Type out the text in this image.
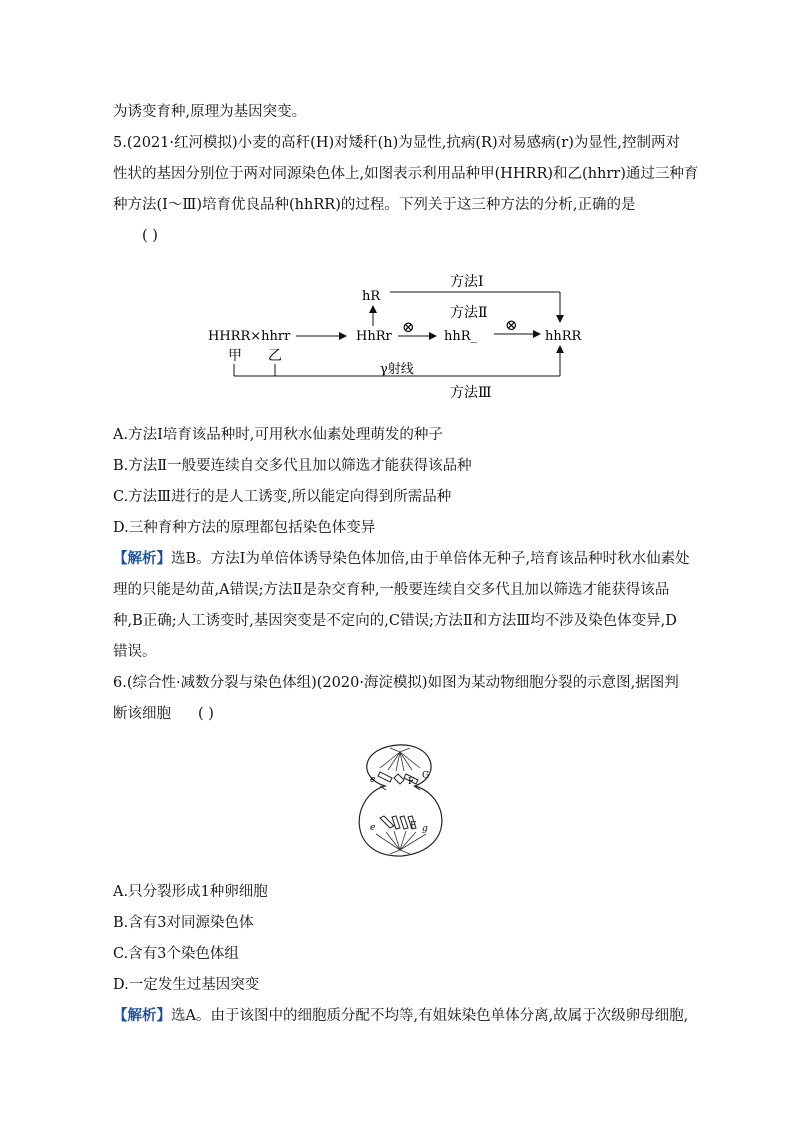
为诱变育种,原理为基因突变。
5.(2021·红河模拟)小麦的高秆(H)对矮秆(h)为显性,抗病(R)对易感病(r)为显性,控制两对
性状的基因分别位于两对同源染色体上,如图表示利用品种甲(HHRR)和乙(hhrr)通过三种育
种方法(Ⅰ～Ⅲ)培育优良品种(hhRR)的过程。下列关于这三种方法的分析,正确的是
( )
方法Ⅰ
hR
方法Ⅱ
HHRR×hhrr	HhRr
⊗
hhR_
⊗
hhRR
甲 乙
γ射线
方法Ⅲ
A.方法Ⅰ培育该品种时,可用秋水仙素处理萌发的种子
B.方法Ⅱ一般要连续自交多代且加以筛选才能获得该品种
C.方法Ⅲ进行的是人工诱变,所以能定向得到所需品种
D.三种育种方法的原理都包括染色体变异
【解析】选B。方法Ⅰ为单倍体诱导染色体加倍,由于单倍体无种子,培育该品种时秋水仙素处
理的只能是幼苗,A错误;方法Ⅱ是杂交育种,一般要连续自交多代且加以筛选才能获得该品
种,B正确;人工诱变时,基因突变是不定向的,C错误;方法Ⅱ和方法Ⅲ均不涉及染色体变异,D
错误。
6.(综合性·减数分裂与染色体组)(2020·海淀模拟)如图为某动物细胞分裂的示意图,据图判
断该细胞 ( )
e	F
G
e	F g
A.只分裂形成1种卵细胞
B.含有3对同源染色体
C.含有3个染色体组
D.一定发生过基因突变
【解析】选A。由于该图中的细胞质分配不均等,有姐妹染色单体分离,故属于次级卵母细胞,
